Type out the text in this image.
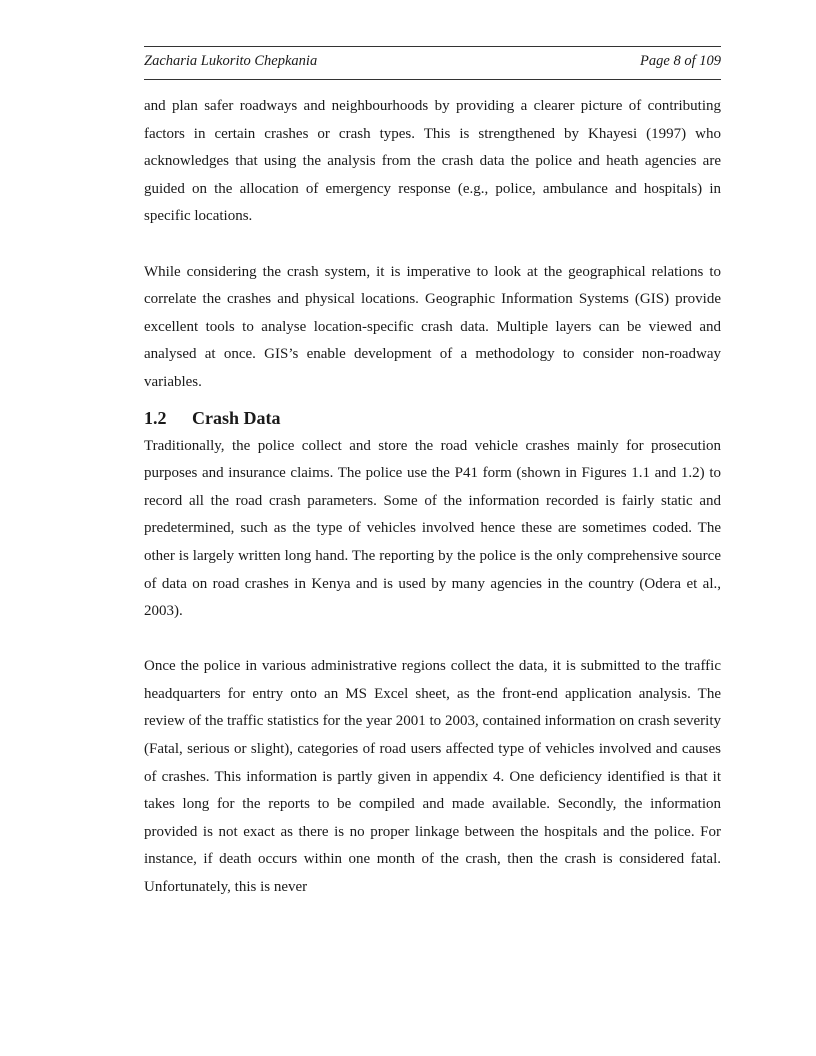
Zacharia Lukorito Chepkania	Page 8 of 109

and plan safer roadways and neighbourhoods by providing a clearer picture of contributing factors in certain crashes or crash types. This is strengthened by Khayesi (1997) who acknowledges that using the analysis from the crash data the police and heath agencies are guided on the allocation of emergency response (e.g., police, ambulance and hospitals) in specific locations.

While considering the crash system, it is imperative to look at the geographical relations to correlate the crashes and physical locations. Geographic Information Systems (GIS) provide excellent tools to analyse location-specific crash data. Multiple layers can be viewed and analysed at once. GIS’s enable development of a methodology to consider non-roadway variables.

1.2	Crash Data

Traditionally, the police collect and store the road vehicle crashes mainly for prosecution purposes and insurance claims. The police use the P41 form (shown in Figures 1.1 and 1.2) to record all the road crash parameters. Some of the information recorded is fairly static and predetermined, such as the type of vehicles involved hence these are sometimes coded. The other is largely written long hand. The reporting by the police is the only comprehensive source of data on road crashes in Kenya and is used by many agencies in the country (Odera et al., 2003).

Once the police in various administrative regions collect the data, it is submitted to the traffic headquarters for entry onto an MS Excel sheet, as the front-end application analysis. The review of the traffic statistics for the year 2001 to 2003, contained information on crash severity (Fatal, serious or slight), categories of road users affected type of vehicles involved and causes of crashes. This information is partly given in appendix 4. One deficiency identified is that it takes long for the reports to be compiled and made available. Secondly, the information provided is not exact as there is no proper linkage between the hospitals and the police. For instance, if death occurs within one month of the crash, then the crash is considered fatal. Unfortunately, this is never
